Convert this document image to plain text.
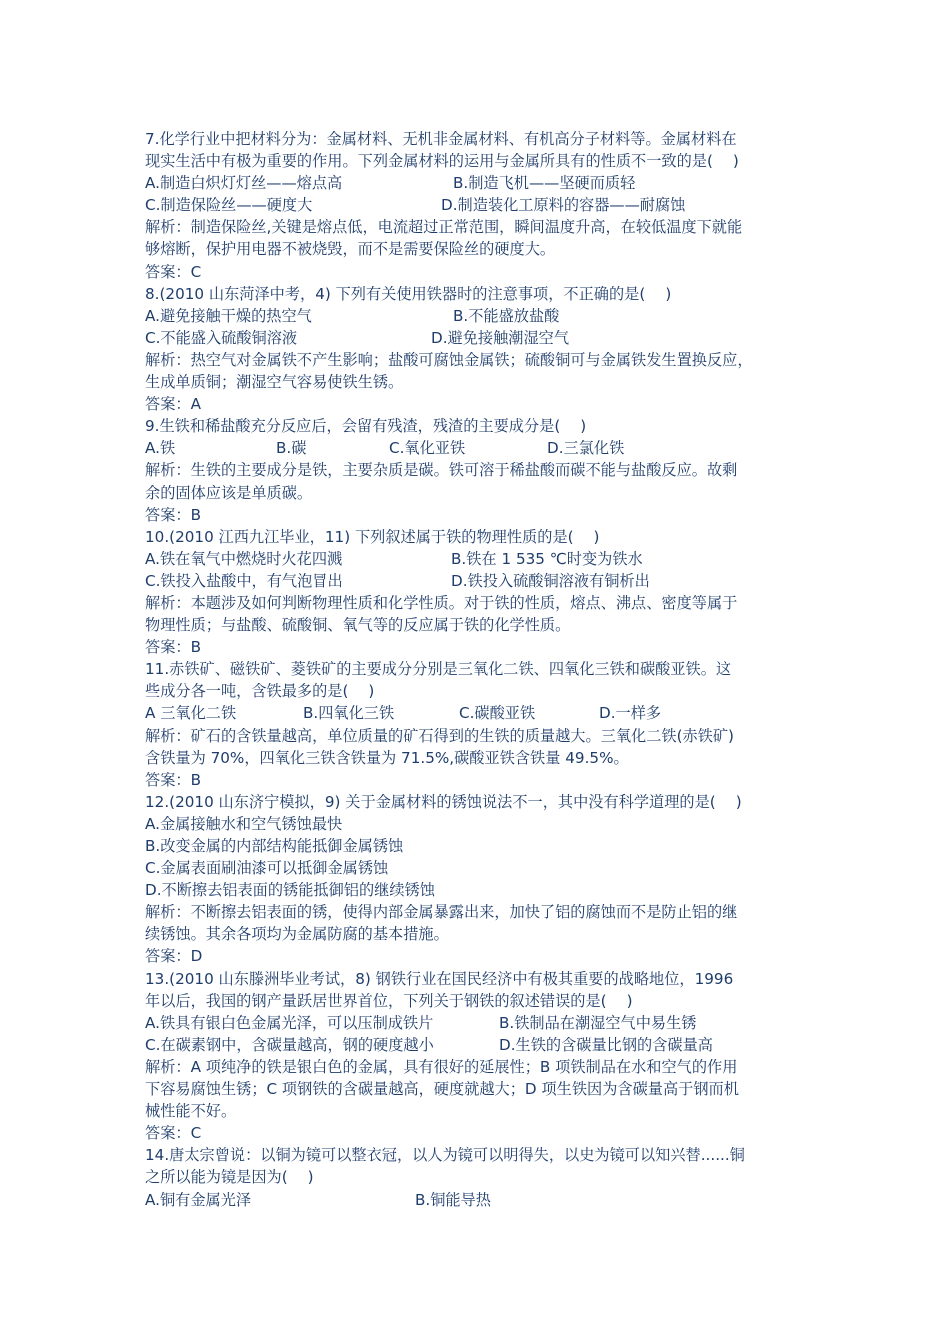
7.化学行业中把材料分为：金属材料、无机非金属材料、有机高分子材料等。金属材料在
现实生活中有极为重要的作用。下列金属材料的运用与金属所具有的性质不一致的是(　 )
A.制造白炽灯灯丝——熔点高	B.制造飞机——坚硬而质轻
C.制造保险丝——硬度大	D.制造装化工原料的容器——耐腐蚀
解析：制造保险丝,关键是熔点低，电流超过正常范围，瞬间温度升高，在较低温度下就能
够熔断，保护用电器不被烧毁，而不是需要保险丝的硬度大。
答案：C
8.(2010 山东菏泽中考，4) 下列有关使用铁器时的注意事项，不正确的是(　 )
A.避免接触干燥的热空气	B.不能盛放盐酸
C.不能盛入硫酸铜溶液	D.避免接触潮湿空气
解析：热空气对金属铁不产生影响；盐酸可腐蚀金属铁；硫酸铜可与金属铁发生置换反应，
生成单质铜；潮湿空气容易使铁生锈。
答案：A
9.生铁和稀盐酸充分反应后，会留有残渣，残渣的主要成分是(　 )
A.铁	B.碳	C.氧化亚铁	D.三氯化铁
解析：生铁的主要成分是铁，主要杂质是碳。铁可溶于稀盐酸而碳不能与盐酸反应。故剩
余的固体应该是单质碳。
答案：B
10.(2010 江西九江毕业，11) 下列叙述属于铁的物理性质的是(　 )
A.铁在氧气中燃烧时火花四溅	B.铁在 1 535 ℃时变为铁水
C.铁投入盐酸中，有气泡冒出	D.铁投入硫酸铜溶液有铜析出
解析：本题涉及如何判断物理性质和化学性质。对于铁的性质，熔点、沸点、密度等属于
物理性质；与盐酸、硫酸铜、氧气等的反应属于铁的化学性质。
答案：B
11.赤铁矿、磁铁矿、菱铁矿的主要成分分别是三氧化二铁、四氧化三铁和碳酸亚铁。这
些成分各一吨，含铁最多的是(　 )
A 三氧化二铁	B.四氧化三铁	C.碳酸亚铁	D.一样多
解析：矿石的含铁量越高，单位质量的矿石得到的生铁的质量越大。三氧化二铁(赤铁矿)
含铁量为 70%，四氧化三铁含铁量为 71.5%,碳酸亚铁含铁量 49.5%。
答案：B
12.(2010 山东济宁模拟，9) 关于金属材料的锈蚀说法不一，其中没有科学道理的是(　 )
A.金属接触水和空气锈蚀最快
B.改变金属的内部结构能抵御金属锈蚀
C.金属表面刷油漆可以抵御金属锈蚀
D.不断擦去铝表面的锈能抵御铝的继续锈蚀
解析：不断擦去铝表面的锈，使得内部金属暴露出来，加快了铝的腐蚀而不是防止铝的继
续锈蚀。其余各项均为金属防腐的基本措施。
答案：D
13.(2010 山东滕洲毕业考试，8) 钢铁行业在国民经济中有极其重要的战略地位，1996
年以后，我国的钢产量跃居世界首位，下列关于钢铁的叙述错误的是(　 )
A.铁具有银白色金属光泽，可以压制成铁片	B.铁制品在潮湿空气中易生锈
C.在碳素钢中，含碳量越高，钢的硬度越小	D.生铁的含碳量比钢的含碳量高
解析：A 项纯净的铁是银白色的金属，具有很好的延展性；B 项铁制品在水和空气的作用
下容易腐蚀生锈；C 项钢铁的含碳量越高，硬度就越大；D 项生铁因为含碳量高于钢而机
械性能不好。
答案：C
14.唐太宗曾说：以铜为镜可以整衣冠，以人为镜可以明得失，以史为镜可以知兴替......铜
之所以能为镜是因为(　 )
A.铜有金属光泽	B.铜能导热
